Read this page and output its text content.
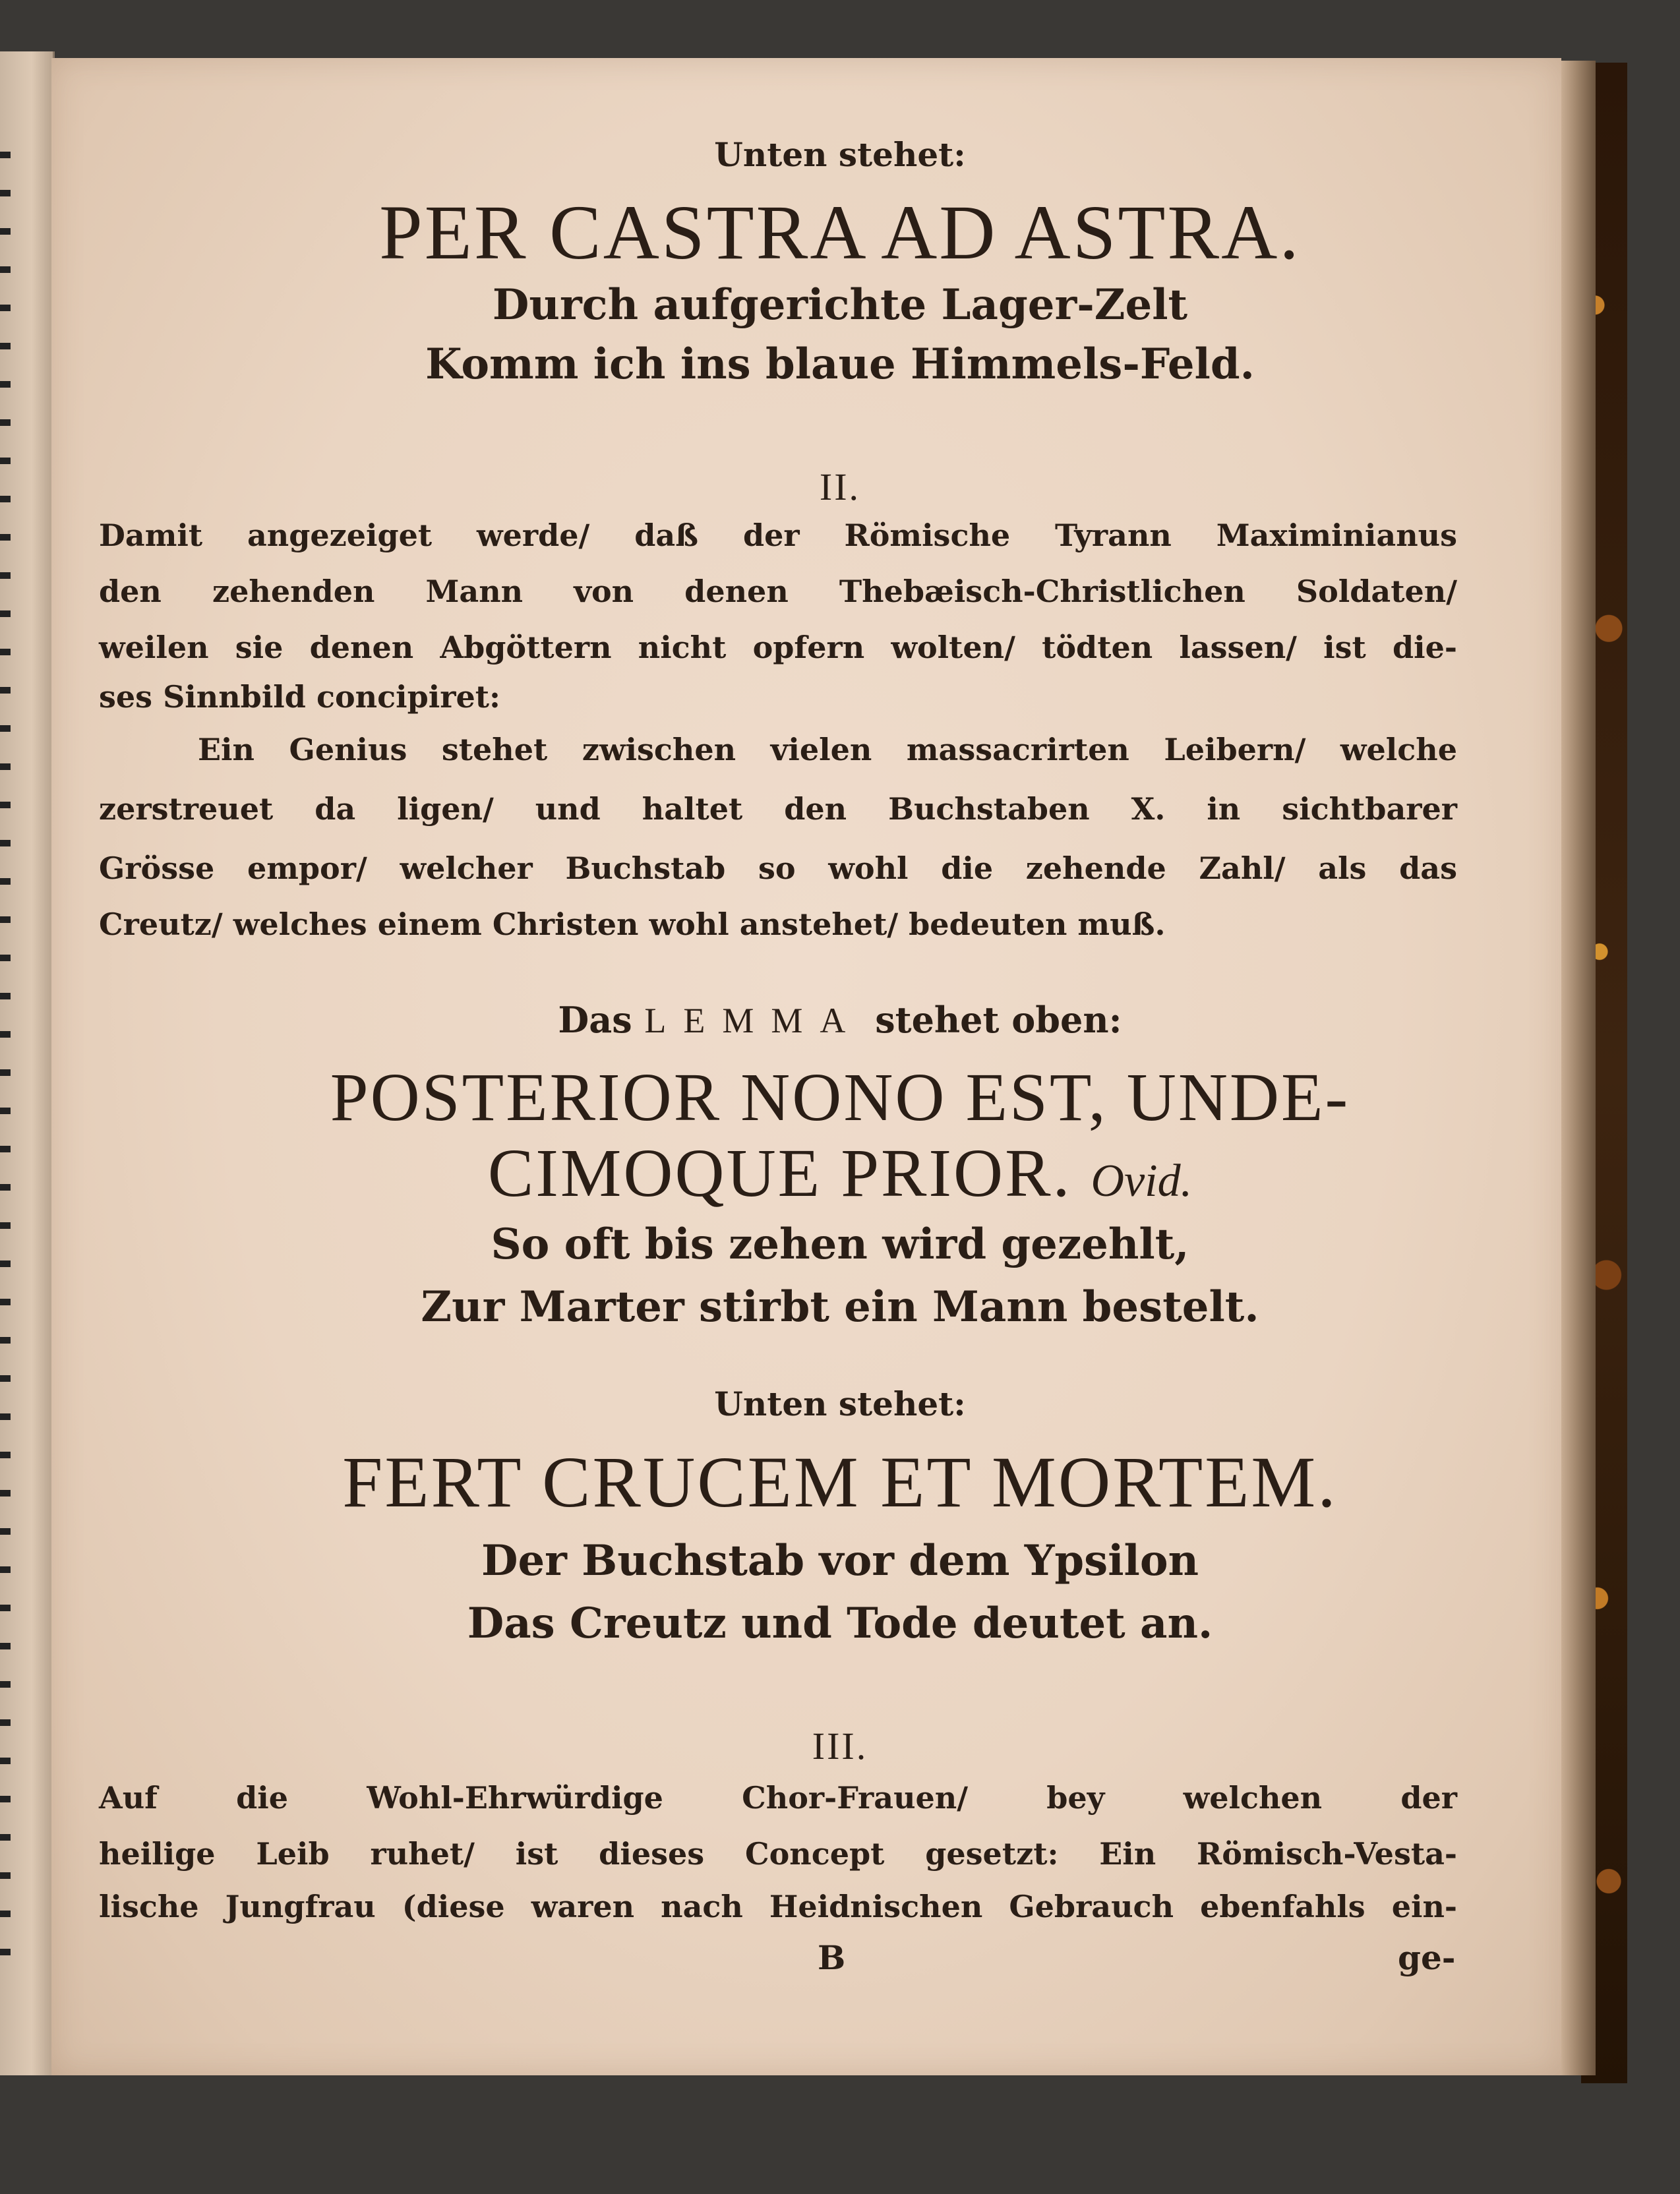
Unten stehet:

PER CASTRA AD ASTRA.

Durch aufgerichte Lager-Zelt

Komm ich ins blaue Himmels-Feld.

II.

Damit angezeiget werde/ daß der Römische Tyrann Maximinianus

den zehenden Mann von denen Thebæisch-Christlichen Soldaten/

weilen sie denen Abgöttern nicht opfern wolten/ tödten lassen/ ist die-

ses Sinnbild concipiret:

Ein Genius stehet zwischen vielen massacrirten Leibern/ welche

zerstreuet da ligen/ und haltet den Buchstaben X. in sichtbarer

Grösse empor/ welcher Buchstab so wohl die zehende Zahl/ als das

Creutz/ welches einem Christen wohl anstehet/ bedeuten muß.

Das LEMMA stehet oben:

POSTERIOR NONO EST, UNDE-

CIMOQUE PRIOR. Ovid.

So oft bis zehen wird gezehlt,

Zur Marter stirbt ein Mann bestelt.

Unten stehet:

FERT CRUCEM ET MORTEM.

Der Buchstab vor dem Ypsilon

Das Creutz und Tode deutet an.

III.

Auf die Wohl-Ehrwürdige Chor-Frauen/ bey welchen der

heilige Leib ruhet/ ist dieses Concept gesetzt: Ein Römisch-Vesta-

lische Jungfrau (diese waren nach Heidnischen Gebrauch ebenfahls ein-

B	ge-
